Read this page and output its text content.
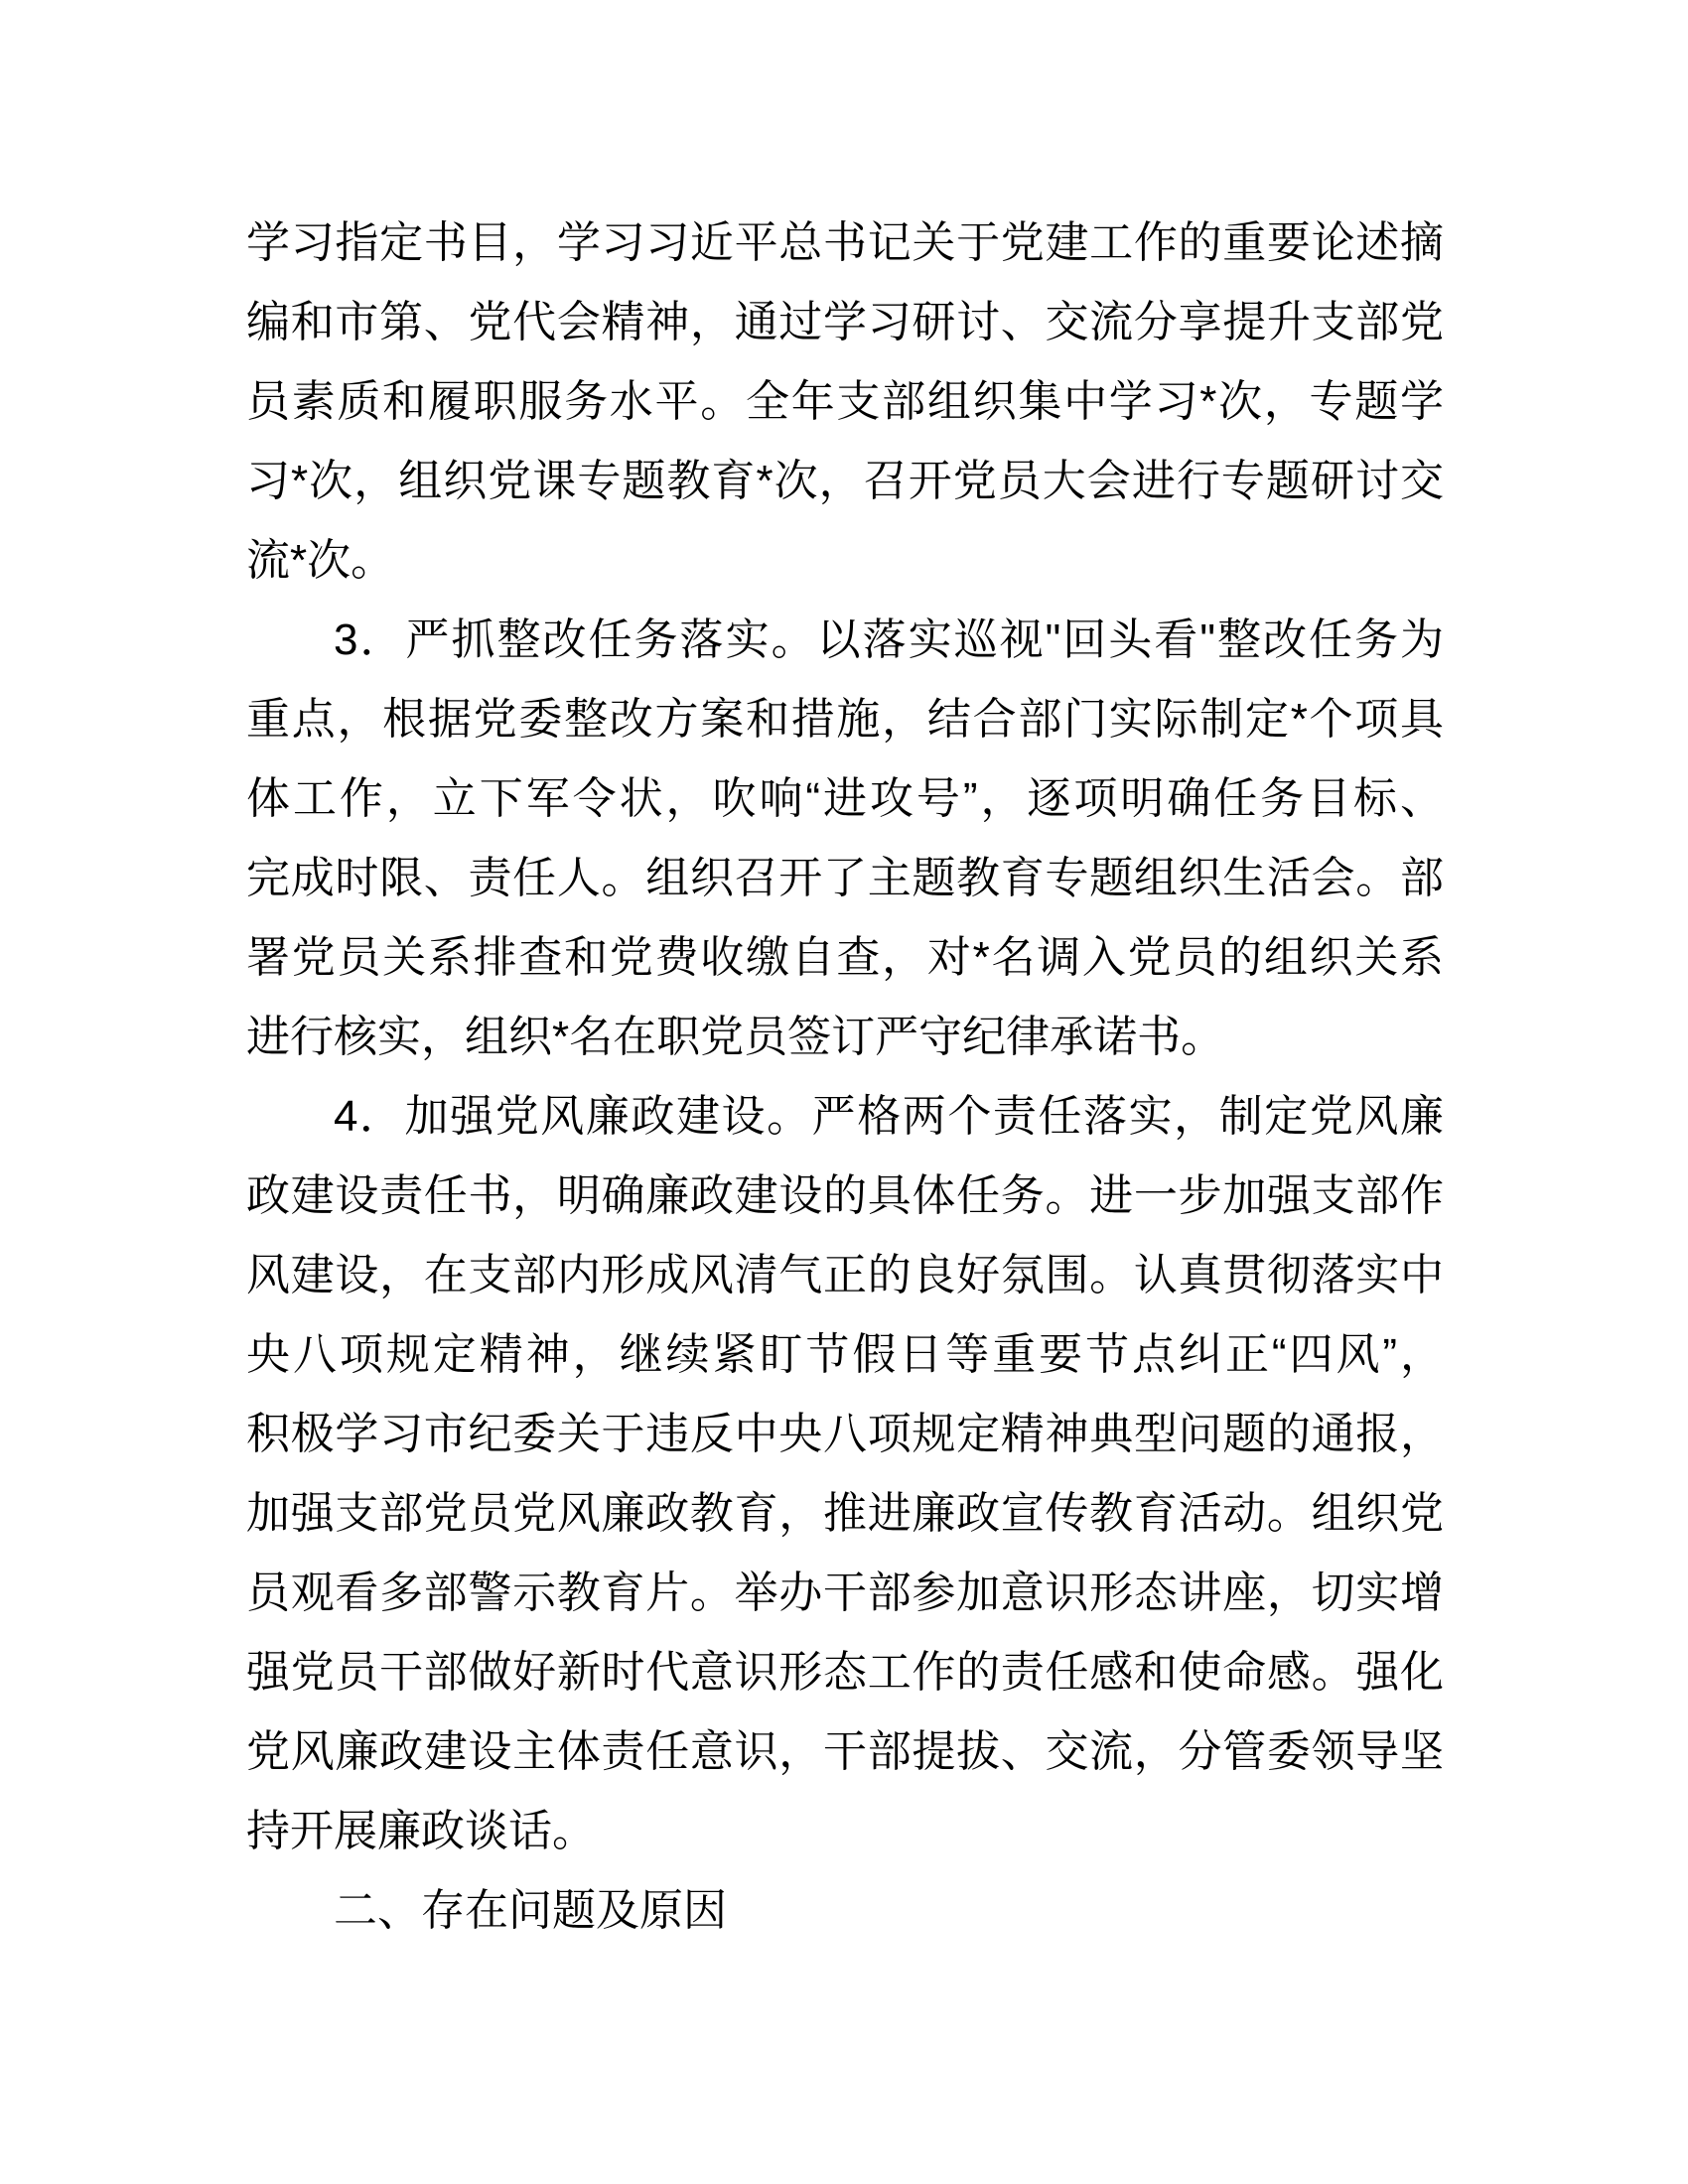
学习指定书目，学习习近平总书记关于党建工作的重要论述摘
编和市第、党代会精神，通过学习研讨、交流分享提升支部党
员素质和履职服务水平。全年支部组织集中学习*次，专题学
习*次，组织党课专题教育*次，召开党员大会进行专题研讨交
流*次。
3．严抓整改任务落实。以落实巡视"回头看"整改任务为
重点，根据党委整改方案和措施，结合部门实际制定*个项具
体工作，立下军令状，吹响“进攻号”，逐项明确任务目标、
完成时限、责任人。组织召开了主题教育专题组织生活会。部
署党员关系排查和党费收缴自查，对*名调入党员的组织关系
进行核实，组织*名在职党员签订严守纪律承诺书。
4．加强党风廉政建设。严格两个责任落实，制定党风廉
政建设责任书，明确廉政建设的具体任务。进一步加强支部作
风建设，在支部内形成风清气正的良好氛围。认真贯彻落实中
央八项规定精神，继续紧盯节假日等重要节点纠正“四风”，
积极学习市纪委关于违反中央八项规定精神典型问题的通报，
加强支部党员党风廉政教育，推进廉政宣传教育活动。组织党
员观看多部警示教育片。举办干部参加意识形态讲座，切实增
强党员干部做好新时代意识形态工作的责任感和使命感。强化
党风廉政建设主体责任意识，干部提拔、交流，分管委领导坚
持开展廉政谈话。
二、存在问题及原因
